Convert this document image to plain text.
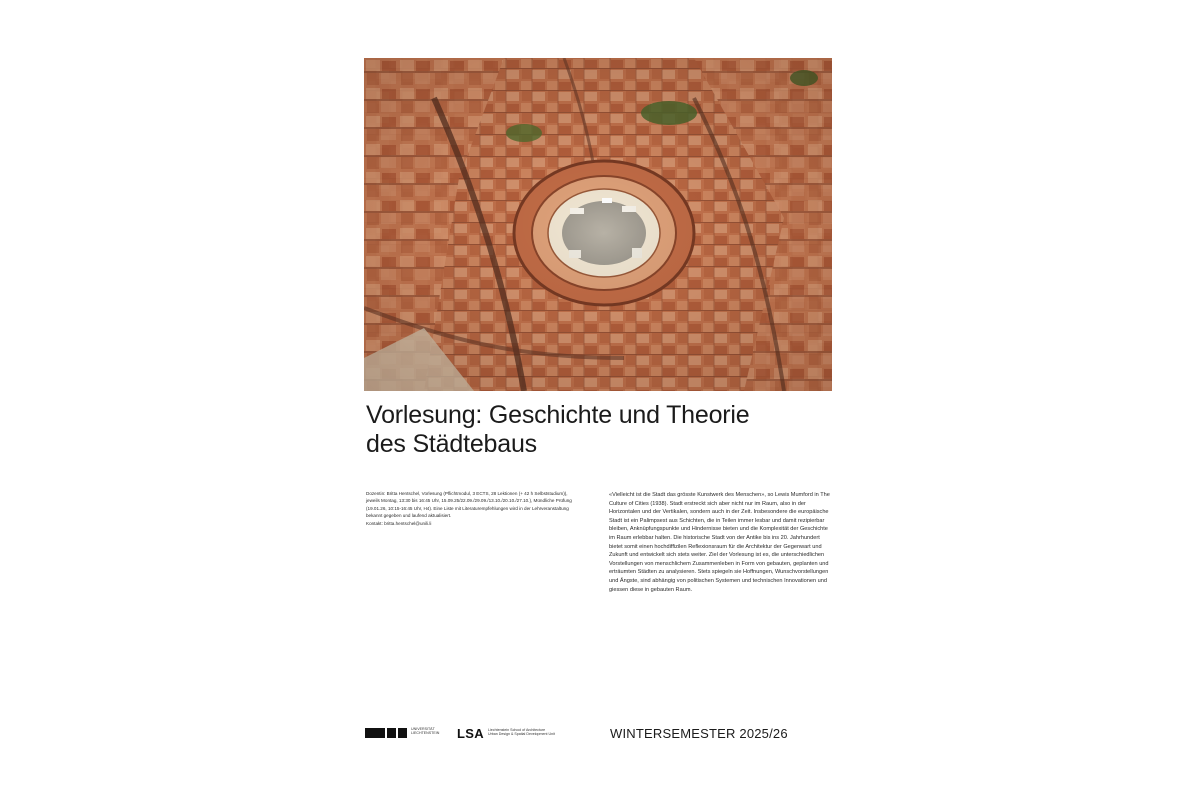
Vorlesung: Geschichte und Theorie
des Städtebaus

Dozentin: Britta Hentschel, Vorlesung (Pflichtmodul, 3 ECTS, 28 Lektionen (+ 42 h Selbststudium)), jeweils Montag, 13:30 bis 16:45 Uhr, 15.09.25/22.09./29.09./13.10./20.10./27.10.), Mündliche Prüfung (19.01.26, 10:15-16:45 Uhr, H4). Eine Liste mit Literaturempfehlungen wird in der Lehrveranstaltung bekannt gegeben und laufend aktualisiert.

Kontakt: britta.hentschel@unili.li

«Vielleicht ist die Stadt das grösste Kunstwerk des Menschen», so Lewis Mumford in The Culture of Cities (1938). Stadt erstreckt sich aber nicht nur im Raum, also in der Horizontalen und der Vertikalen, sondern auch in der Zeit. Insbesondere die europäische Stadt ist ein Palimpsest aus Schichten, die in Teilen immer lesbar und damit rezipierbar bleiben, Anknüpfungspunkte und Hindernisse bieten und die Komplexität der Geschichte im Raum erlebbar halten. Die historische Stadt von der Antike bis ins 20. Jahrhundert bietet somit einen hochdiffizilen Reflexionsraum für die Architektur der Gegenwart und Zukunft und entwickelt sich stets weiter. Ziel der Vorlesung ist es, die unterschiedlichen Vorstellungen von menschlichem Zusammenleben in Form von gebauten, geplanten und erträumten Städten zu analysieren. Stets spiegeln sie Hoffnungen, Wunschvorstellungen und Ängste, sind abhängig von politischen Systemen und technischen Innovationen und giessen diese in gebauten Raum.

UNIVERSITÄT
LIECHTENSTEIN LSA Liechtenstein School of Architecture
Urban Design & Spatial Development Unit	WINTERSEMESTER 2025/26
